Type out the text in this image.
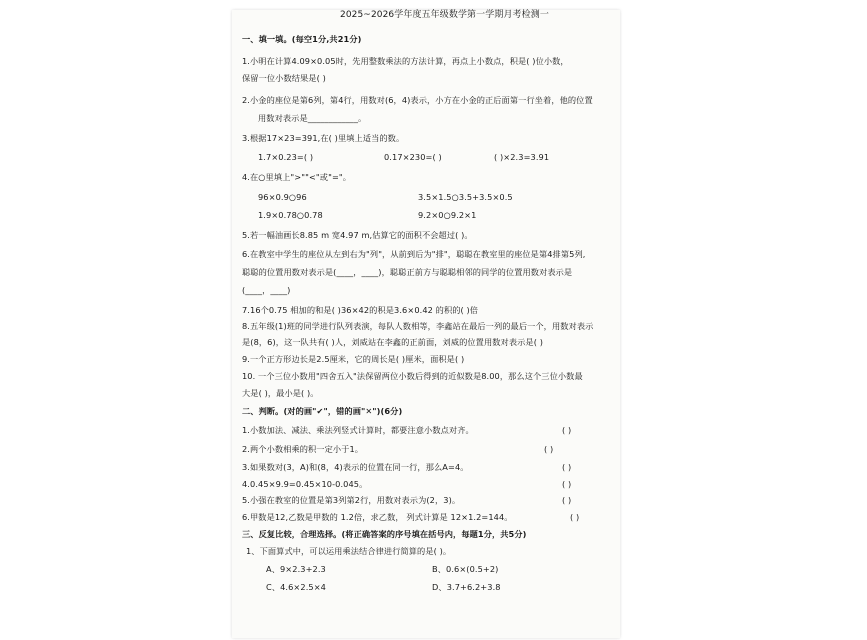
2025~2026学年度五年级数学第一学期月考检测一
一、填一填。(每空1分,共21分)
1.小明在计算4.09×0.05时，先用整数乘法的方法计算，再点上小数点，积是( )位小数，
保留一位小数结果是( )
2.小金的座位是第6列，第4行，用数对(6，4)表示，小方在小金的正后面第一行坐着，他的位置
用数对表示是____________。
3.根据17×23=391,在( )里填上适当的数。
1.7×0.23=( )	0.17×230=( )	( )×2.3=3.91
4.在○里填上">""<"或"="。
96×0.9○96	3.5×1.5○3.5+3.5×0.5
1.9×0.78○0.78	9.2×0○9.2×1
5.若一幅油画长8.85 m 宽4.97 m,估算它的面积不会超过( )。
6.在教室中学生的座位从左到右为"列"，从前到后为"排"，聪聪在教室里的座位是第4排第5列,
聪聪的位置用数对表示是(____，____)，聪聪正前方与聪聪相邻的同学的位置用数对表示是
(____，____)
7.16个0.75 相加的和是( )36×42的积是3.6×0.42 的积的( )倍
8.五年级(1)班的同学进行队列表演，每队人数相等，李鑫站在最后一列的最后一个，用数对表示
是(8，6)，这一队共有( )人，刘威站在李鑫的正前面，刘威的位置用数对表示是( )
9.一个正方形边长是2.5厘米，它的周长是( )厘米，面积是( )
10. 一个三位小数用"四舍五入"法保留两位小数后得到的近似数是8.00，那么这个三位小数最
大是( )，最小是( )。
二、判断。(对的画"✔"，错的画"✕")(6分)
1.小数加法、减法、乘法列竖式计算时，都要注意小数点对齐。	( )
2.两个小数相乘的积一定小于1。	( )
3.如果数对(3，A)和(8，4)表示的位置在同一行，那么A=4。	( )
4.0.45×9.9=0.45×10-0.045。	( )
5.小强在教室的位置是第3列第2行，用数对表示为(2，3)。	( )
6.甲数是12,乙数是甲数的 1.2倍，求乙数， 列式计算是 12×1.2=144。	( )
三、反复比较，合理选择。(将正确答案的序号填在括号内，每题1分，共5分)
1、下面算式中，可以运用乘法结合律进行简算的是( )。
A、9×2.3+2.3	B、0.6×(0.5+2)
C、4.6×2.5×4	D、3.7+6.2+3.8
